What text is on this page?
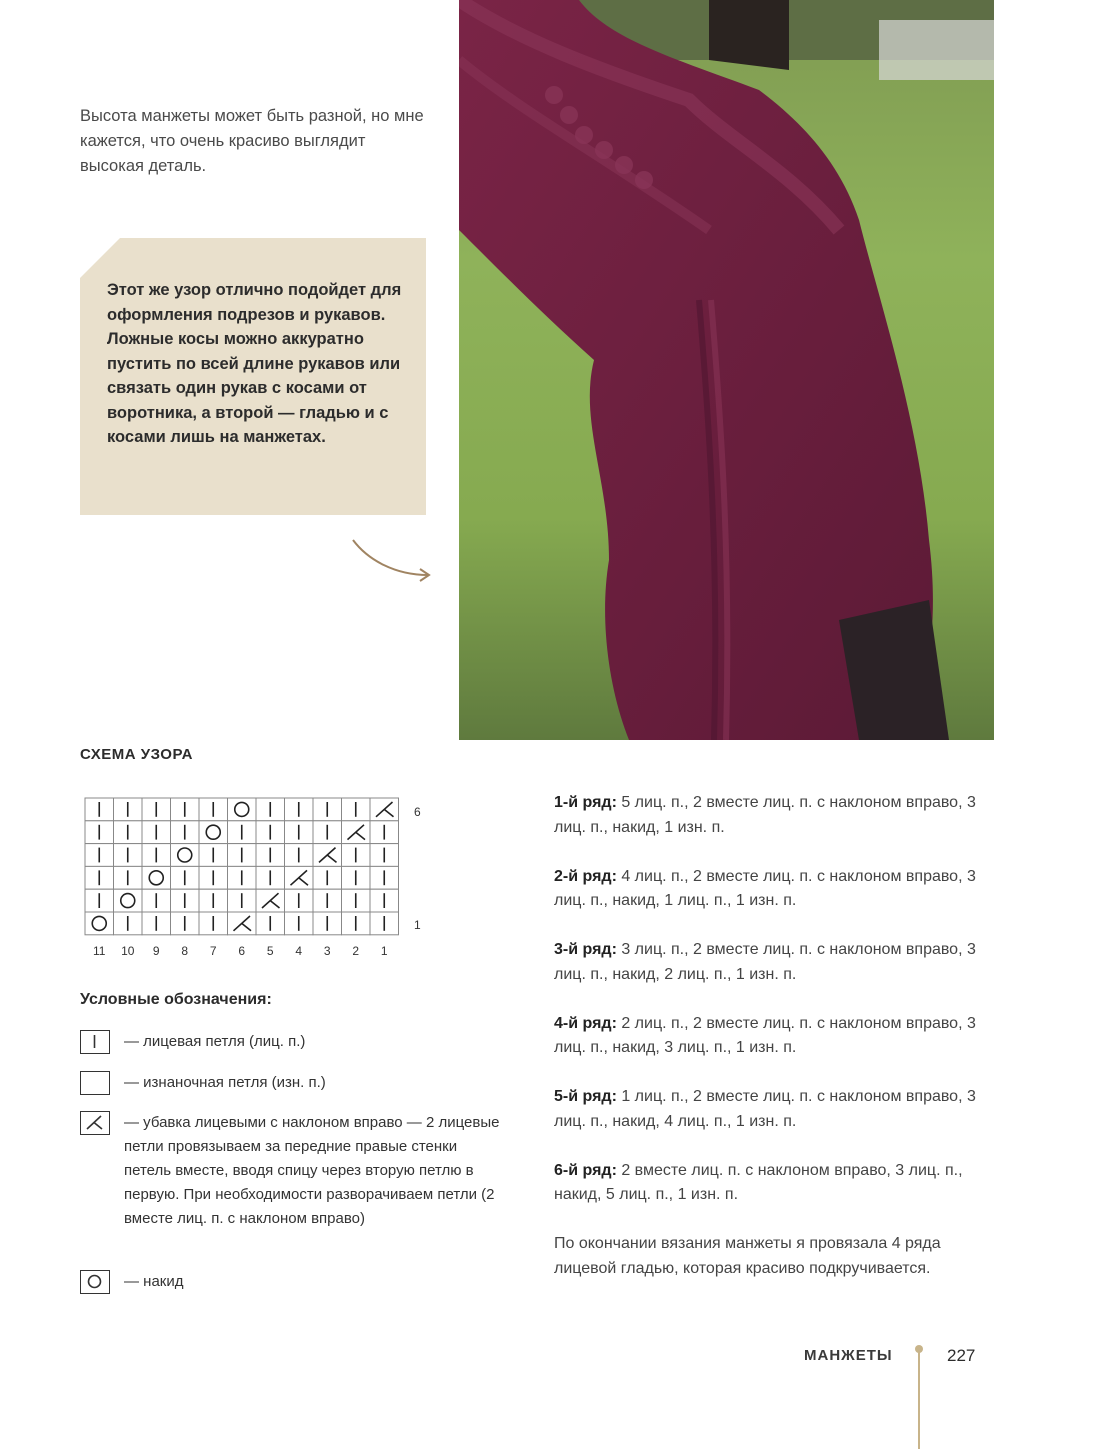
Высота манжеты может быть разной, но мне кажется, что очень красиво выглядит высокая деталь.

Этот же узор отлично подойдет для оформления подрезов и рукавов. Ложные косы можно аккуратно пустить по всей длине рукавов или связать один рукав с косами от воротника, а второй — гладью и с косами лишь на манжетах.

СХЕМА УЗОРА

6
1
11 10 9 8 7 6 5 4 3 2 1

Условные обозначения:

— лицевая петля (лиц. п.)

— изнаночная петля (изн. п.)

— убавка лицевыми с наклоном вправо — 2 лицевые петли провязываем за передние правые стенки петель вместе, вводя спицу через вторую петлю в первую. При необходимости разворачиваем петли (2 вместе лиц. п. с наклоном вправо)

— накид

1-й ряд: 5 лиц. п., 2 вместе лиц. п. с наклоном вправо, 3 лиц. п., накид, 1 изн. п.

2-й ряд: 4 лиц. п., 2 вместе лиц. п. с наклоном вправо, 3 лиц. п., накид, 1 лиц. п., 1 изн. п.

3-й ряд: 3 лиц. п., 2 вместе лиц. п. с наклоном вправо, 3 лиц. п., накид, 2 лиц. п., 1 изн. п.

4-й ряд: 2 лиц. п., 2 вместе лиц. п. с наклоном вправо, 3 лиц. п., накид, 3 лиц. п., 1 изн. п.

5-й ряд: 1 лиц. п., 2 вместе лиц. п. с наклоном вправо, 3 лиц. п., накид, 4 лиц. п., 1 изн. п.

6-й ряд: 2 вместе лиц. п. с наклоном вправо, 3 лиц. п., накид, 5 лиц. п., 1 изн. п.

По окончании вязания манжеты я провязала 4 ряда лицевой гладью, которая красиво подкручивается.

МАНЖЕТЫ	227
